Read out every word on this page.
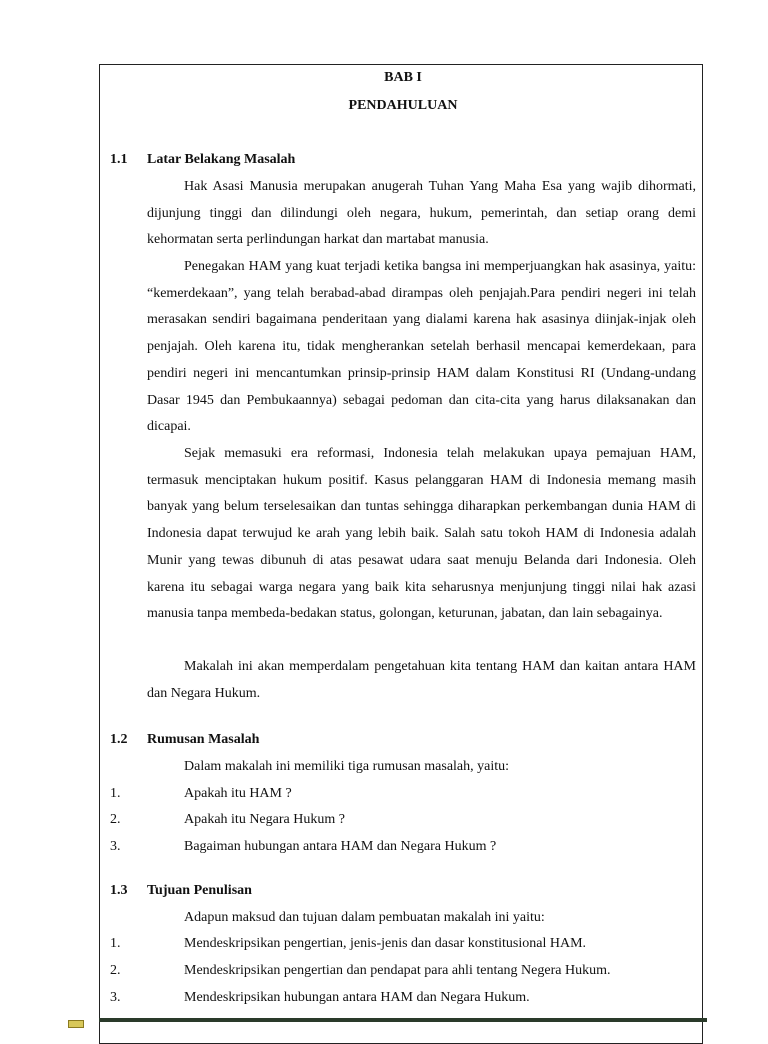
BAB I
PENDAHULUAN
1.1 Latar Belakang Masalah
Hak Asasi Manusia merupakan anugerah Tuhan Yang Maha Esa yang wajib dihormati, dijunjung tinggi dan dilindungi oleh negara, hukum, pemerintah, dan setiap orang demi kehormatan serta perlindungan harkat dan martabat manusia.
Penegakan HAM yang kuat terjadi ketika bangsa ini memperjuangkan hak asasinya, yaitu: “kemerdekaan”, yang telah berabad-abad dirampas oleh penjajah.Para pendiri negeri ini telah merasakan sendiri bagaimana penderitaan yang dialami karena hak asasinya diinjak-injak oleh penjajah. Oleh karena itu, tidak mengherankan setelah berhasil mencapai kemerdekaan, para pendiri negeri ini mencantumkan prinsip-prinsip HAM dalam Konstitusi RI (Undang-undang Dasar 1945 dan Pembukaannya) sebagai pedoman dan cita-cita yang harus dilaksanakan dan dicapai.
Sejak memasuki era reformasi, Indonesia telah melakukan upaya pemajuan HAM, termasuk menciptakan hukum positif. Kasus pelanggaran HAM di Indonesia memang masih banyak yang belum terselesaikan dan tuntas sehingga diharapkan perkembangan dunia HAM di Indonesia dapat terwujud ke arah yang lebih baik. Salah satu tokoh HAM di Indonesia adalah Munir yang tewas dibunuh di atas pesawat udara saat menuju Belanda dari Indonesia. Oleh karena itu sebagai warga negara yang baik kita seharusnya menjunjung tinggi nilai hak azasi manusia tanpa membeda-bedakan status, golongan, keturunan, jabatan, dan lain sebagainya.
Makalah ini akan memperdalam pengetahuan kita tentang HAM dan kaitan antara HAM dan Negara Hukum.
1.2 Rumusan Masalah
Dalam makalah ini memiliki tiga rumusan masalah, yaitu:
1.	Apakah itu HAM ?
2.	Apakah itu Negara Hukum ?
3.	Bagaiman hubungan antara HAM dan Negara Hukum ?
1.3 Tujuan Penulisan
Adapun maksud dan tujuan dalam pembuatan makalah ini yaitu:
1.	Mendeskripsikan pengertian, jenis-jenis dan dasar konstitusional HAM.
2.	Mendeskripsikan pengertian dan pendapat para ahli tentang Negera Hukum.
3.	Mendeskripsikan hubungan antara HAM dan Negara Hukum.
